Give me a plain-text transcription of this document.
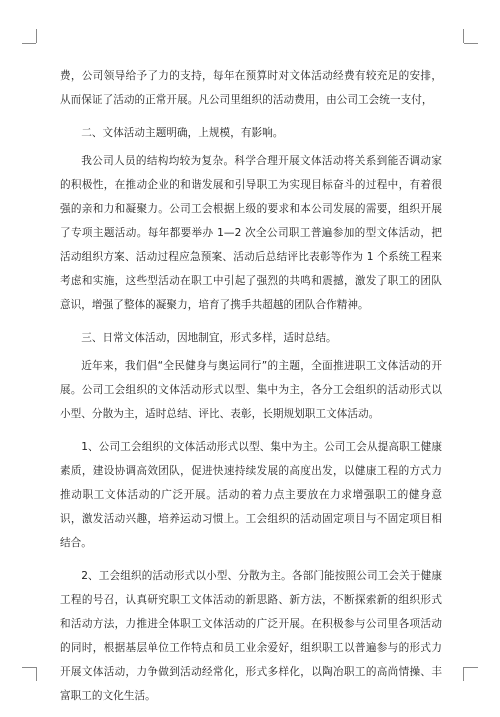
费，公司领导给予了力的支持，每年在预算时对文体活动经费有较充足的安排，从而保证了活动的正常开展。凡公司里组织的活动费用，由公司工会统一支付，

二、文体活动主题明确，上规模，有影响。

我公司人员的结构均较为复杂。科学合理开展文体活动将关系到能否调动家的积极性，在推动企业的和谐发展和引导职工为实现目标奋斗的过程中，有着很强的亲和力和凝聚力。公司工会根据上级的要求和本公司发展的需要，组织开展了专项主题活动。每年都要举办 1—2 次全公司职工普遍参加的型文体活动，把活动组织方案、活动过程应急预案、活动后总结评比表彰等作为 1 个系统工程来考虑和实施，这些型活动在职工中引起了强烈的共鸣和震撼，激发了职工的团队意识，增强了整体的凝聚力，培育了携手共超越的团队合作精神。

三、日常文体活动，因地制宜，形式多样，适时总结。

近年来，我们倡“全民健身与奥运同行”的主题，全面推进职工文体活动的开展。公司工会组织的文体活动形式以型、集中为主，各分工会组织的活动形式以小型、分散为主，适时总结、评比、表彰，长期规划职工文体活动。

1、公司工会组织的文体活动形式以型、集中为主。公司工会从提高职工健康素质，建设协调高效团队，促进快速持续发展的高度出发，以健康工程的方式力推动职工文体活动的广泛开展。活动的着力点主要放在力求增强职工的健身意识，激发活动兴趣，培养运动习惯上。工会组织的活动固定项目与不固定项目相结合。

2、工会组织的活动形式以小型、分散为主。各部门能按照公司工会关于健康工程的号召，认真研究职工文体活动的新思路、新方法，不断探索新的组织形式和活动方法，力推进全体职工文体活动的广泛开展。在积极参与公司里各项活动的同时，根据基层单位工作特点和员工业余爱好，组织职工以普遍参与的形式力开展文体活动，力争做到活动经常化，形式多样化，以陶冶职工的高尚情操、丰富职工的文化生活。
